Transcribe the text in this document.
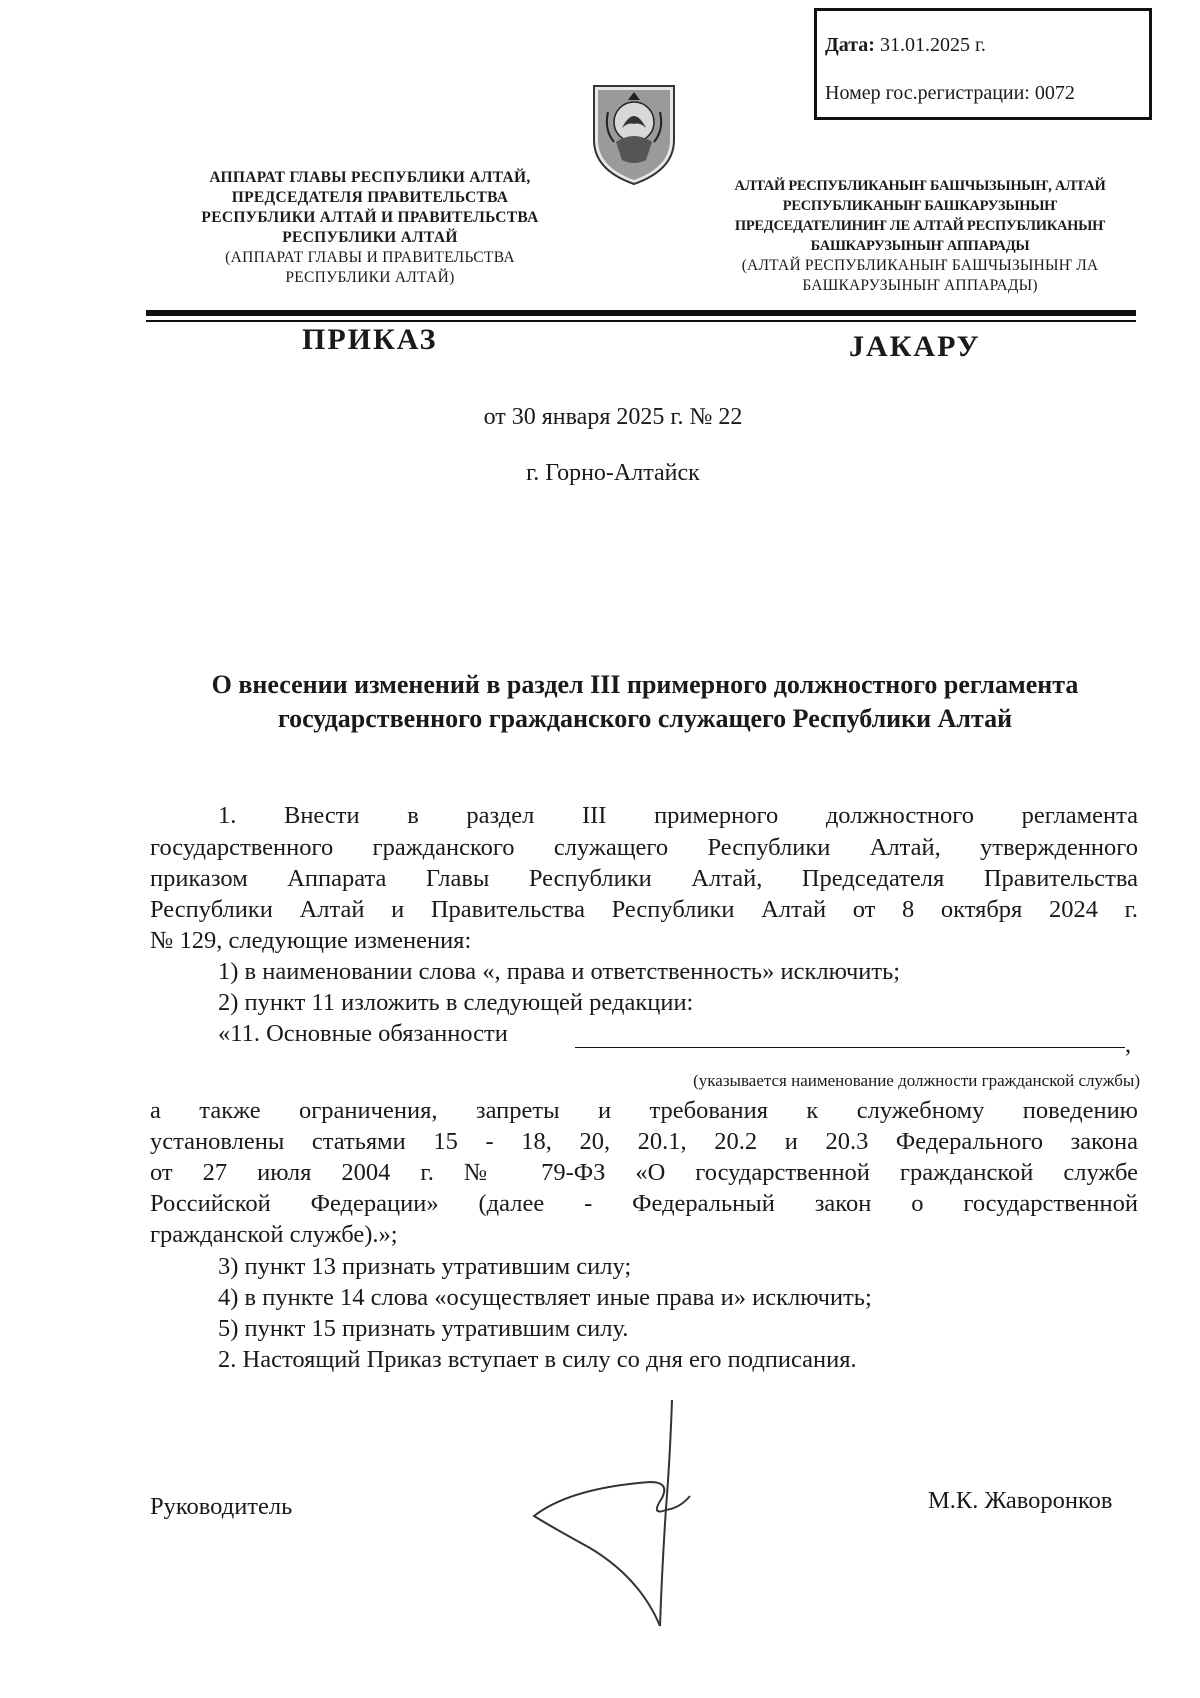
Дата: 31.01.2025 г.
Номер гос.регистрации: 0072
АППАРАТ ГЛАВЫ РЕСПУБЛИКИ АЛТАЙ,
ПРЕДСЕДАТЕЛЯ ПРАВИТЕЛЬСТВА
РЕСПУБЛИКИ АЛТАЙ И ПРАВИТЕЛЬСТВА
РЕСПУБЛИКИ АЛТАЙ
(АППАРАТ ГЛАВЫ И ПРАВИТЕЛЬСТВА
РЕСПУБЛИКИ АЛТАЙ)
АЛТАЙ РЕСПУБЛИКАНЫҤ БАШЧЫЗЫНЫҤ, АЛТАЙ
РЕСПУБЛИКАНЫҤ БАШКАРУЗЫНЫҤ
ПРЕДСЕДАТЕЛИНИҤ ЛЕ АЛТАЙ РЕСПУБЛИКАНЫҤ
БАШКАРУЗЫНЫҤ АППАРАДЫ
(АЛТАЙ РЕСПУБЛИКАНЫҤ БАШЧЫЗЫНЫҤ ЛА
БАШКАРУЗЫНЫҤ АППАРАДЫ)
ПРИКАЗ	ЈАКАРУ
от 30 января 2025 г. № 22
г. Горно-Алтайск
О внесении изменений в раздел III примерного должностного регламента
государственного гражданского служащего Республики Алтай
1. Внести в раздел III примерного должностного регламента
государственного гражданского служащего Республики Алтай, утвержденного
приказом Аппарата Главы Республики Алтай, Председателя Правительства
Республики Алтай и Правительства Республики Алтай от 8 октября 2024 г.
№ 129, следующие изменения:
1) в наименовании слова «, права и ответственность» исключить;
2) пункт 11 изложить в следующей редакции:
«11. Основные обязанности	,
(указывается наименование должности гражданской службы)
а также ограничения, запреты и требования к служебному поведению
установлены статьями 15 - 18, 20, 20.1, 20.2 и 20.3 Федерального закона
от 27 июля 2004 г. № 79-ФЗ «О государственной гражданской службе
Российской Федерации» (далее - Федеральный закон о государственной
гражданской службе).»;
3) пункт 13 признать утратившим силу;
4) в пункте 14 слова «осуществляет иные права и» исключить;
5) пункт 15 признать утратившим силу.
2. Настоящий Приказ вступает в силу со дня его подписания.
Руководитель	М.К. Жаворонков
